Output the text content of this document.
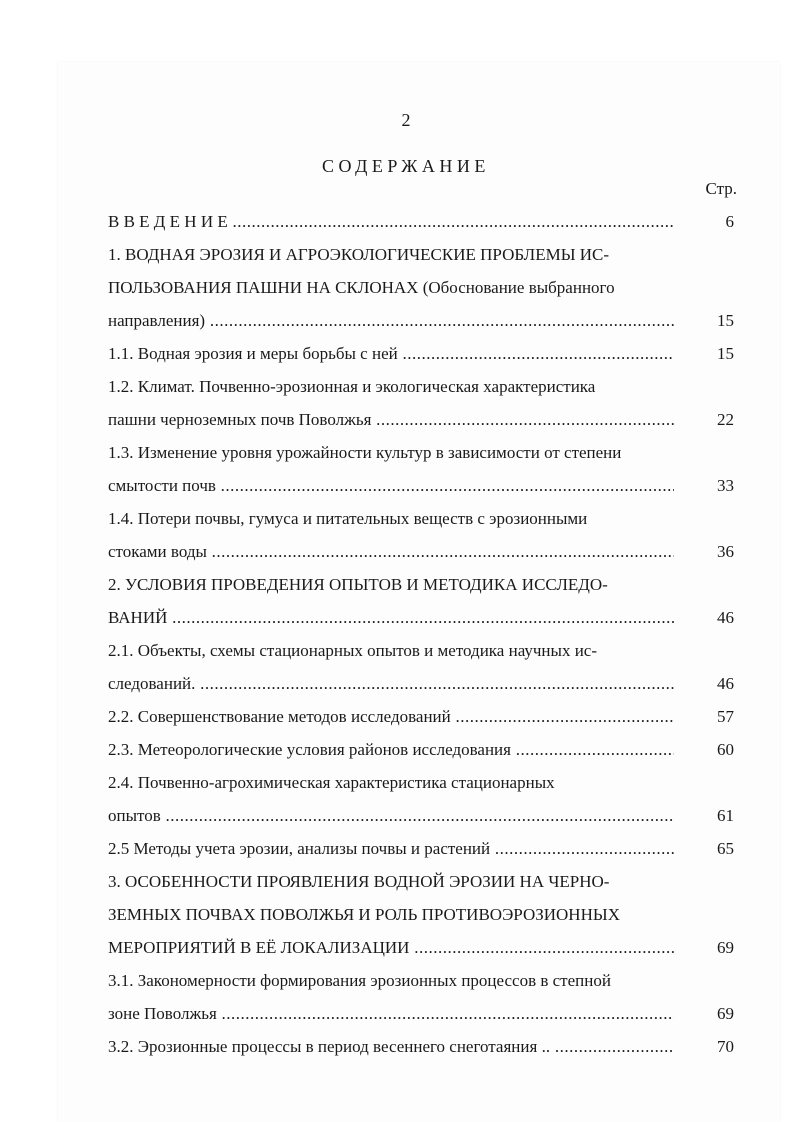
2
СОДЕРЖАНИЕ
Стр.
В В Е Д Е Н И Е .....	6
1. ВОДНАЯ ЭРОЗИЯ И АГРОЭКОЛОГИЧЕСКИЕ ПРОБЛЕМЫ ИС-
ПОЛЬЗОВАНИЯ ПАШНИ НА СКЛОНАХ (Обоснование выбранного
направления) .....	15
1.1. Водная эрозия и меры борьбы с ней .....	15
1.2. Климат. Почвенно-эрозионная и экологическая характеристика
пашни черноземных почв Поволжья .....	22
1.3. Изменение уровня урожайности культур в зависимости от степени
смытости почв .....	33
1.4. Потери почвы, гумуса и питательных веществ с эрозионными
стоками воды .....	36
2. УСЛОВИЯ ПРОВЕДЕНИЯ ОПЫТОВ И МЕТОДИКА ИССЛЕДО-
ВАНИЙ .....	46
2.1. Объекты, схемы стационарных опытов и методика научных ис-
следований. .....	46
2.2. Совершенствование методов исследований .....	57
2.3. Метеорологические условия районов исследования .....	60
2.4. Почвенно-агрохимическая характеристика стационарных
опытов .....	61
2.5 Методы учета эрозии, анализы почвы и растений .....	65
3. ОСОБЕННОСТИ ПРОЯВЛЕНИЯ ВОДНОЙ ЭРОЗИИ НА ЧЕРНО-
ЗЕМНЫХ ПОЧВАХ ПОВОЛЖЬЯ И РОЛЬ ПРОТИВОЭРОЗИОННЫХ
МЕРОПРИЯТИЙ В ЕЁ ЛОКАЛИЗАЦИИ .....	69
3.1. Закономерности формирования эрозионных процессов в степной
зоне Поволжья .....	69
3.2. Эрозионные процессы в период весеннего снеготаяния .. .....	70
